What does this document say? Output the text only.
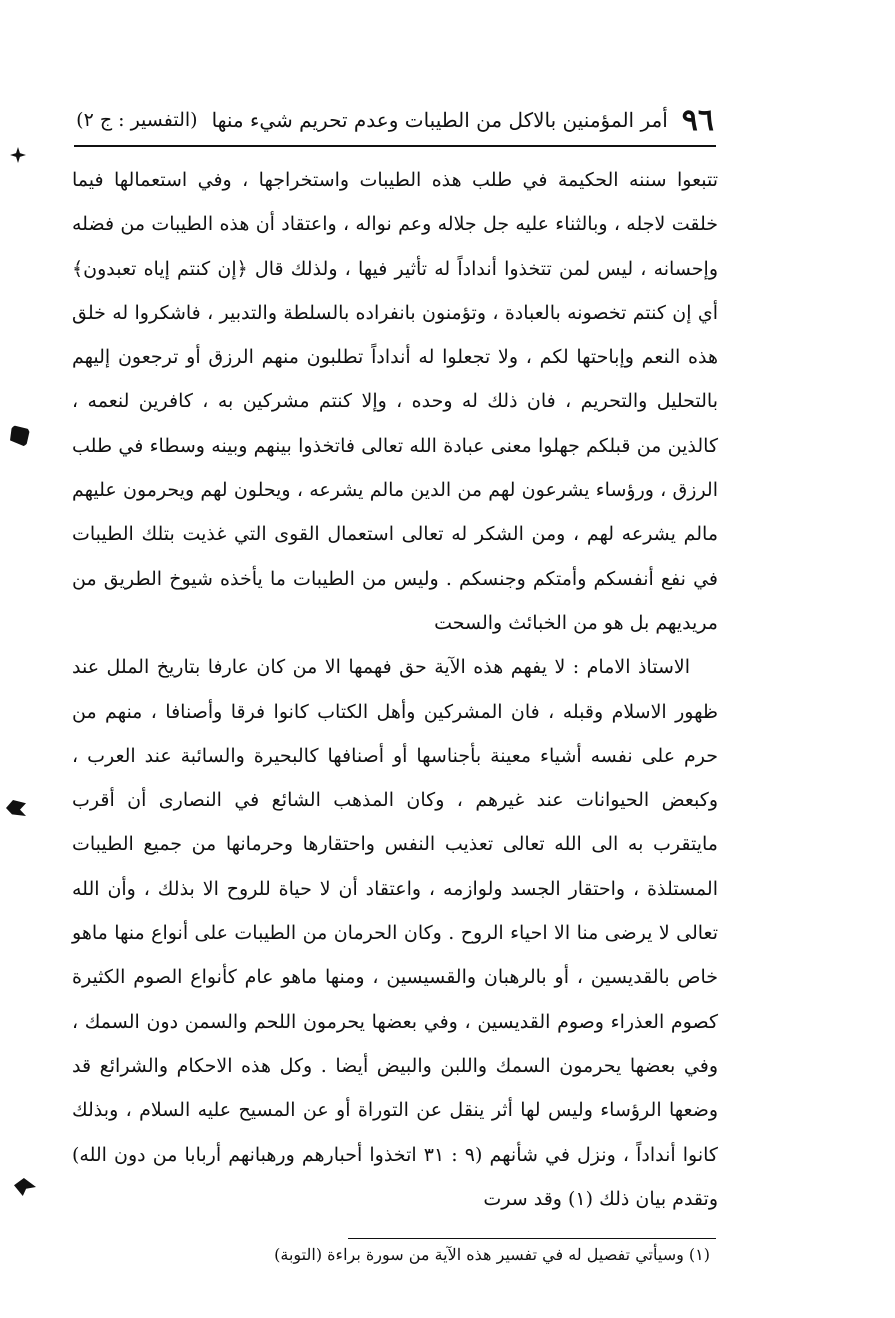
٩٦
أمر المؤمنين بالاكل من الطيبات وعدم تحريم شيء منها
(التفسير : ج ٢)

تتبعوا سننه الحكيمة في طلب هذه الطيبات واستخراجها ، وفي استعمالها فيما خلقت لاجله ، وبالثناء عليه جل جلاله وعم نواله ، واعتقاد أن هذه الطيبات من فضله وإحسانه ، ليس لمن تتخذوا أنداداً له تأثير فيها ، ولذلك قال ﴿إن كنتم إياه تعبدون﴾ أي إن كنتم تخصونه بالعبادة ، وتؤمنون بانفراده بالسلطة والتدبير ، فاشكروا له خلق هذه النعم وإباحتها لكم ، ولا تجعلوا له أنداداً تطلبون منهم الرزق أو ترجعون إليهم بالتحليل والتحريم ، فان ذلك له وحده ، وإلا كنتم مشركين به ، كافرين لنعمه ، كالذين من قبلكم جهلوا معنى عبادة الله تعالى فاتخذوا بينهم وبينه وسطاء في طلب الرزق ، ورؤساء يشرعون لهم من الدين مالم يشرعه ، ويحلون لهم ويحرمون عليهم مالم يشرعه لهم ، ومن الشكر له تعالى استعمال القوى التي غذيت بتلك الطيبات في نفع أنفسكم وأمتكم وجنسكم . وليس من الطيبات ما يأخذه شيوخ الطريق من مريديهم بل هو من الخبائث والسحت

الاستاذ الامام : لا يفهم هذه الآية حق فهمها الا من كان عارفا بتاريخ الملل عند ظهور الاسلام وقبله ، فان المشركين وأهل الكتاب كانوا فرقا وأصنافا ، منهم من حرم على نفسه أشياء معينة بأجناسها أو أصنافها كالبحيرة والسائبة عند العرب ، وكبعض الحيوانات عند غيرهم ، وكان المذهب الشائع في النصارى أن أقرب مايتقرب به الى الله تعالى تعذيب النفس واحتقارها وحرمانها من جميع الطيبات المستلذة ، واحتقار الجسد ولوازمه ، واعتقاد أن لا حياة للروح الا بذلك ، وأن الله تعالى لا يرضى منا الا احياء الروح . وكان الحرمان من الطيبات على أنواع منها ماهو خاص بالقديسين ، أو بالرهبان والقسيسين ، ومنها ماهو عام كأنواع الصوم الكثيرة كصوم العذراء وصوم القديسين ، وفي بعضها يحرمون اللحم والسمن دون السمك ، وفي بعضها يحرمون السمك واللبن والبيض أيضا . وكل هذه الاحكام والشرائع قد وضعها الرؤساء وليس لها أثر ينقل عن التوراة أو عن المسيح عليه السلام ، وبذلك كانوا أنداداً ، ونزل في شأنهم (٩ : ٣١ اتخذوا أحبارهم ورهبانهم أربابا من دون الله) وتقدم بيان ذلك (١) وقد سرت

(١) وسيأتي تفصيل له في تفسير هذه الآية من سورة براءة (التوبة)
